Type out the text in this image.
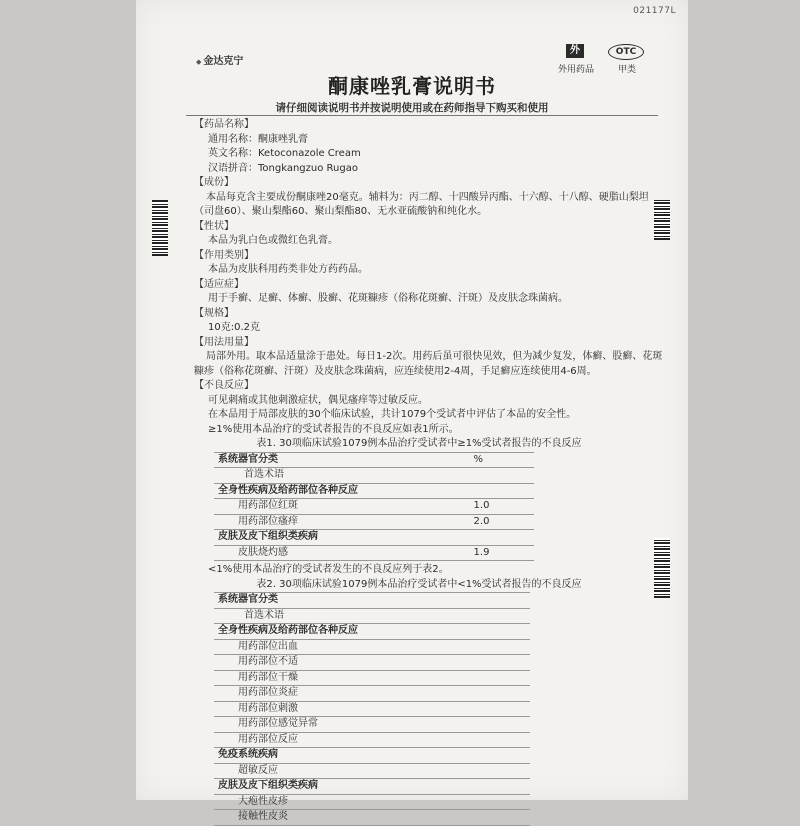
021177L
◆ 金达克宁
外	OTC
外用药品	甲类
酮康唑乳膏说明书
请仔细阅读说明书并按说明使用或在药师指导下购买和使用
【药品名称】
通用名称：酮康唑乳膏
英文名称：Ketoconazole Cream
汉语拼音：Tongkangzuo Rugao
【成份】
本品每克含主要成份酮康唑20毫克。辅料为：丙二醇、十四酸异丙酯、十六醇、十八醇、硬脂山梨坦（司盘60）、聚山梨酯60、聚山梨酯80、无水亚硫酸钠和纯化水。
【性状】
本品为乳白色或微红色乳膏。
【作用类别】
本品为皮肤科用药类非处方药药品。
【适应症】
用于手癣、足癣、体癣、股癣、花斑糠疹（俗称花斑癣、汗斑）及皮肤念珠菌病。
【规格】
10克:0.2克
【用法用量】
局部外用。取本品适量涂于患处。每日1-2次。用药后虽可很快见效，但为减少复发，体癣、股癣、花斑糠疹（俗称花斑癣、汗斑）及皮肤念珠菌病，应连续使用2-4周，手足癣应连续使用4-6周。
【不良反应】
可见刺痛或其他刺激症状，偶见瘙痒等过敏反应。
在本品用于局部皮肤的30个临床试验，共计1079个受试者中评估了本品的安全性。
≥1%使用本品治疗的受试者报告的不良反应如表1所示。
表1. 30项临床试验1079例本品治疗受试者中≥1%受试者报告的不良反应
系统器官分类	%
首选术语	
全身性疾病及给药部位各种反应	
用药部位红斑	1.0
用药部位瘙痒	2.0
皮肤及皮下组织类疾病	
皮肤烧灼感	1.9
<1%使用本品治疗的受试者发生的不良反应列于表2。
表2. 30项临床试验1079例本品治疗受试者中<1%受试者报告的不良反应
系统器官分类
首选术语
全身性疾病及给药部位各种反应
用药部位出血
用药部位不适
用药部位干燥
用药部位炎症
用药部位刺激
用药部位感觉异常
用药部位反应
免疫系统疾病
超敏反应
皮肤及皮下组织类疾病
大疱性皮疹
接触性皮炎
